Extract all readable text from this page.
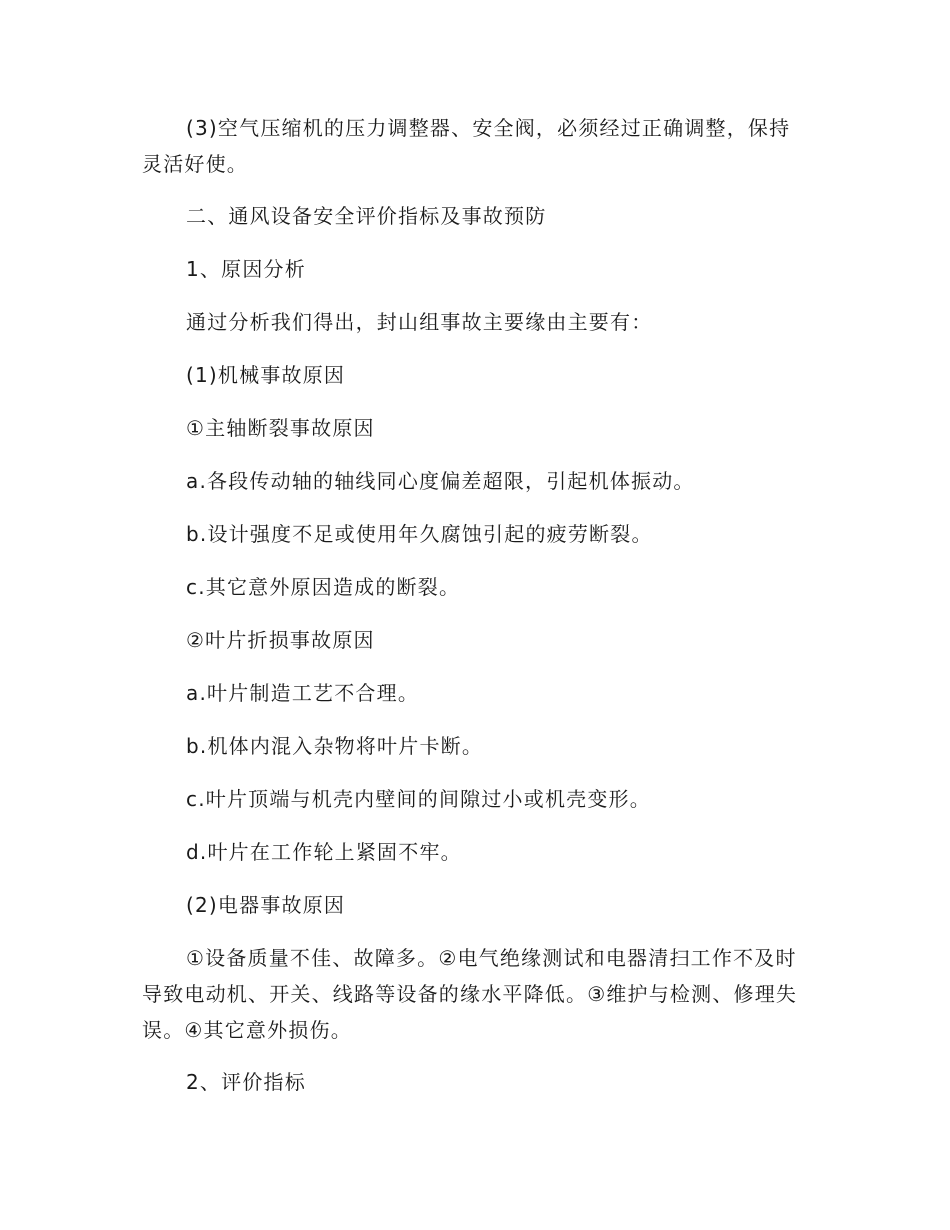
(3)空气压缩机的压力调整器、安全阀，必须经过正确调整，保持灵活好使。

二、通风设备安全评价指标及事故预防

1、原因分析

通过分析我们得出，封山组事故主要缘由主要有：

(1)机械事故原因

①主轴断裂事故原因

a.各段传动轴的轴线同心度偏差超限，引起机体振动。

b.设计强度不足或使用年久腐蚀引起的疲劳断裂。

c.其它意外原因造成的断裂。

②叶片折损事故原因

a.叶片制造工艺不合理。

b.机体内混入杂物将叶片卡断。

c.叶片顶端与机壳内壁间的间隙过小或机壳变形。

d.叶片在工作轮上紧固不牢。

(2)电器事故原因

①设备质量不佳、故障多。②电气绝缘测试和电器清扫工作不及时导致电动机、开关、线路等设备的缘水平降低。③维护与检测、修理失误。④其它意外损伤。

2、评价指标
